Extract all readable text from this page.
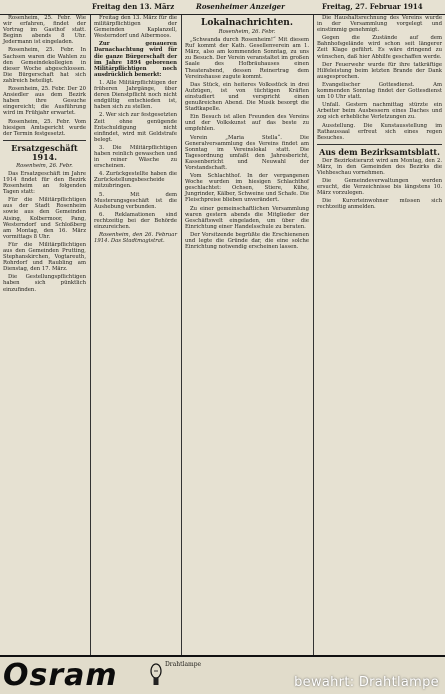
Freitag den 13. März	Rosenheimer Anzeiger	Freitag, 27. Februar 1914

Rosenheim, 25. Febr. Wie wir erfahren, findet der Vortrag im Gasthof statt. Beginn abends 8 Uhr. Jedermann ist eingeladen.

Rosenheim, 25. Febr. In Sachsen waren die Wahlen zu den Gemeindekollegien in dieser Woche abgeschlossen. Die Bürgerschaft hat sich zahlreich beteiligt.

Rosenheim, 25. Febr. Der 20 Ansiedler aus dem Bezirk haben ihre Gesuche eingereicht; die Ausführung wird im Frühjahr erwartet.

Rosenheim, 25. Febr. Vom hiesigen Amtsgericht wurde der Termin festgesetzt.

Ersatzgeschäft 1914.
Rosenheim, 26. Febr.

Das Ersatzgeschäft im Jahre 1914 findet für den Bezirk Rosenheim an folgenden Tagen statt:

Für die Militärpflichtigen aus der Stadt Rosenheim sowie aus den Gemeinden Aising, Kolbermoor, Pang, Westerndorf und Schloßberg am Montag, den 16. März vormittags 8 Uhr.

Für die Militärpflichtigen aus den Gemeinden Prutting, Stephanskirchen, Vogtareuth, Rohrdorf und Raubling am Dienstag, den 17. März.

Die Gestellungspflichtigen haben sich pünktlich einzufinden.

Freitag den 13. März für die militärpflichtigen der Gemeinden Kaplanzell, Westerndorf und Aibermoos.

Zur genaueren Darnachachtung wird für die ganze Bürgerschaft der im Jahre 1894 geborenen Militärpflichtigen noch ausdrücklich bemerkt:

1. Alle Militärpflichtigen der früheren Jahrgänge, über deren Dienstpflicht noch nicht endgültig entschieden ist, haben sich zu stellen.

2. Wer sich zur festgesetzten Zeit ohne genügende Entschuldigung nicht einfindet, wird mit Geldstrafe belegt.

3. Die Militärpflichtigen haben reinlich gewaschen und in reiner Wäsche zu erscheinen.

4. Zurückgestellte haben die Zurückstellungsbescheide mitzubringen.

5. Mit dem Musterungsgeschäft ist die Aushebung verbunden.

6. Reklamationen sind rechtzeitig bei der Behörde einzureichen.

Rosenheim, den 26. Februar 1914. Das Stadtmagistrat.

Lokalnachrichten.
Rosenheim, 26. Febr.

„Schwanda durch Rosenheim!“ Mit diesem Ruf kommt der Kath. Gesellenverein am 1. März, also am kommenden Sonntag, zu uns zu Besuch. Der Verein veranstaltet im großen Saale des Hofbräuhauses einen Theaterabend, dessen Reinertrag dem Vereinshause zugute kommt.

Das Stück, ein heiteres Volksstück in drei Aufzügen, ist von tüchtigen Kräften einstudiert und verspricht einen genußreichen Abend. Die Musik besorgt die Stadtkapelle.

Ein Besuch ist allen Freunden des Vereins und der Volkskunst auf das beste zu empfehlen.

Verein „Maria Stella“. Die Generalversammlung des Vereins findet am Sonntag im Vereinslokal statt. Die Tagesordnung umfaßt den Jahresbericht, Kassenbericht und Neuwahl der Vorstandschaft.

Vom Schlachthof. In der vergangenen Woche wurden im hiesigen Schlachthof geschlachtet: Ochsen, Stiere, Kühe, Jungrinder, Kälber, Schweine und Schafe. Die Fleischpreise blieben unverändert.

Zu einer gemeinschaftlichen Versammlung waren gestern abends die Mitglieder der Geschäftswelt eingeladen, um über die Einrichtung einer Handelsschule zu beraten.

Der Vorsitzende begrüßte die Erschienenen und legte die Gründe dar, die eine solche Einrichtung notwendig erscheinen lassen.

Die Haushaltsrechnung des Vereins wurde in der Versammlung vorgelegt und einstimmig genehmigt.

Gegen die Zustände auf dem Bahnhofsgelände wird schon seit längerer Zeit Klage geführt. Es wäre dringend zu wünschen, daß hier Abhilfe geschaffen werde.

Der Feuerwehr wurde für ihre tatkräftige Hilfeleistung beim letzten Brande der Dank ausgesprochen.

Evangelischer Gottesdienst. Am kommenden Sonntag findet der Gottesdienst um 10 Uhr statt.

Unfall. Gestern nachmittag stürzte ein Arbeiter beim Ausbessern eines Daches und zog sich erhebliche Verletzungen zu.

Ausstellung. Die Kunstausstellung im Rathaussaal erfreut sich eines regen Besuches.

Aus dem Bezirksamtsblatt.

Der Bezirkstierarzt wird am Montag, den 2. März, in den Gemeinden des Bezirks die Viehbeschau vornehmen.

Die Gemeindeverwaltungen werden ersucht, die Verzeichnisse bis längstens 10. März vorzulegen.

Die Kurorteinwohner müssen sich rechtzeitig anmelden.

Osram	Drahtlampe
bewahrt: Drahtlampe
